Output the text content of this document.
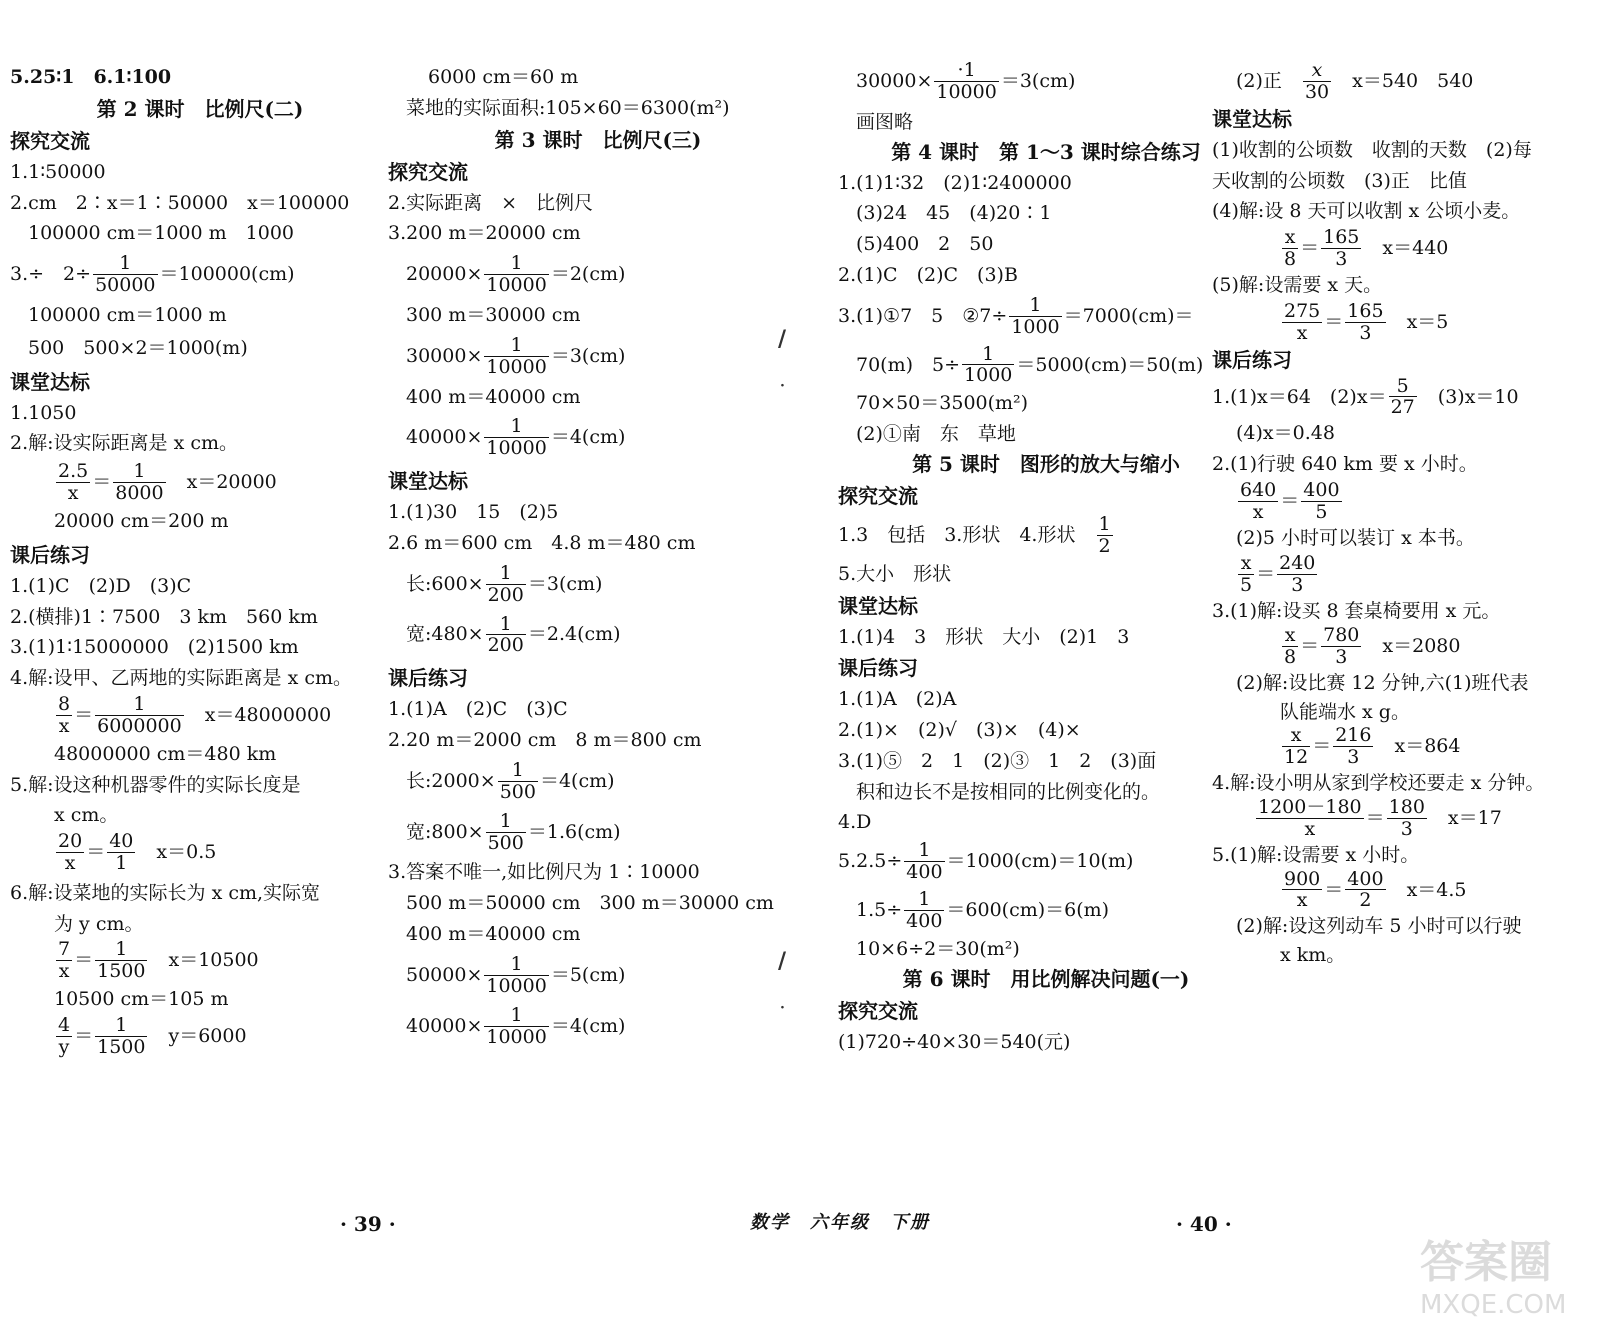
5.25∶1　6.1∶100
第 2 课时　比例尺(二)
探究交流
1.1∶50000
2.cm　2∶x＝1∶50000　x＝100000
100000 cm＝1000 m　1000
3.÷　$2\div \frac{1}{50000} =100000(cm)$
100000 cm＝1000 m
500　500×2＝1000(m)
课堂达标
1.1050
2.解:设实际距离是 x cm。
$\frac{2.5}{x} = \frac{1}{8000}$
　 x＝20000
20000 cm＝200 m
课后练习
1.(1)C　(2)D　(3)C
2.(横排)1∶7500　3 km　560 km
3.(1)1∶15000000　(2)1500 km
4.解:设甲、乙两地的实际距离是 x cm。
$\frac{8}{x} = \frac{1}{6000000}$
　 x＝48000000
48000000 cm＝480 km
5.解:设这种机器零件的实际长度是
x cm。
$\frac{20}{x} = \frac{40}{1}$
　 x＝0.5
6.解:设菜地的实际长为 x cm,实际宽
为 y cm。
$\frac{7}{x} = \frac{1}{1500}$
　 x＝10500
10500 cm＝105 m
$\frac{4}{y} = \frac{1}{1500}$
　 y＝6000
6000 cm＝60 m
菜地的实际面积:105×60＝6300(m²)
第 3 课时　比例尺(三)
探究交流
2.实际距离　×　比例尺
3.200 m＝20000 cm
$20000\times \frac{1}{10000} =2(cm)$
300 m＝30000 cm
$30000\times \frac{1}{10000} =3(cm)$
400 m＝40000 cm
$40000\times \frac{1}{10000} =4(cm)$
课堂达标
1.(1)30　15　(2)5
2.6 m＝600 cm　4.8 m＝480 cm
长:600× $\frac{1}{200} =3(cm)$
宽:480× $\frac{1}{200} =2.4(cm)$
课后练习
1.(1)A　(2)C　(3)C
2.20 m＝2000 cm　8 m＝800 cm
长:2000× $\frac{1}{500} =4(cm)$
宽:800× $\frac{1}{500} =1.6(cm)$
3.答案不唯一,如比例尺为 1∶10000
500 m＝50000 cm　300 m＝30000 cm
400 m＝40000 cm
$50000\times \frac{1}{10000} =5(cm)$
$40000\times \frac{1}{10000} =4(cm)$
$30000\times \frac{\cdot 1}{10000} =3(cm)$
画图略
第 4 课时　第 1～3 课时综合练习
1.(1)1∶32　(2)1∶2400000
(3)24　45　(4)20∶1
(5)400　2　50
2.(1)C　(2)C　(3)B
3.(1)①7　5　②7÷ $\frac{1}{1000} =7000(cm)=$
70(m)　$5\div \frac{1}{1000} =5000(cm)=50(m)$
70×50＝3500(m²)
(2)①南　东　草地
第 5 课时　图形的放大与缩小
探究交流
1.3　包括　3.形状　4.形状
　 $\frac{1}{2}$
5.大小　形状
课堂达标
1.(1)4　3　形状　大小　(2)1　3
课后练习
1.(1)A　(2)A
2.(1)×　(2)√　(3)×　(4)×
3.(1)⑤　2　1　(2)③　1　2　(3)面
积和边长不是按相同的比例变化的。
4.D
$5.2.5\div \frac{1}{400} =1000(cm)=10(m)$
$1.5\div \frac{1}{400} =600(cm)=6(m)$
10×6÷2＝30(m²)
第 6 课时　用比例解决问题(一)
探究交流
(1)720÷40×30＝540(元)
(2)正
　 $\frac{x}{30}$
　 x＝540　540
课堂达标
(1)收割的公顷数　收割的天数　(2)每
天收割的公顷数　(3)正　比值
(4)解:设 8 天可以收割 x 公顷小麦。
$\frac{x}{8} = \frac{165}{3}$
　 x＝440
(5)解:设需要 x 天。
$\frac{275}{x} = \frac{165}{3}$
　 x＝5
课后练习
1.(1)x＝64　$(2)x= \frac{5}{27}$
　 (3)x＝10
(4)x＝0.48
2.(1)行驶 640 km 要 x 小时。
$\frac{640}{x} = \frac{400}{5}$
(2)5 小时可以装订 x 本书。
$\frac{x}{5} = \frac{240}{3}$
3.(1)解:设买 8 套桌椅要用 x 元。
$\frac{x}{8} = \frac{780}{3}$
　 x＝2080
(2)解:设比赛 12 分钟,六(1)班代表
队能端水 x g。
$\frac{x}{12} = \frac{216}{3}$
　 x＝864
4.解:设小明从家到学校还要走 x 分钟。
$\frac{1200-180}{x} = \frac{180}{3}$
　 x＝17
5.(1)解:设需要 x 小时。
$\frac{900}{x} = \frac{400}{2}$
　 x＝4.5
(2)解:设这列动车 5 小时可以行驶
x km。
/
·
/
·
· 39 ·	数学　六年级　下册	· 40 ·
答案圈
MXQE.COM
